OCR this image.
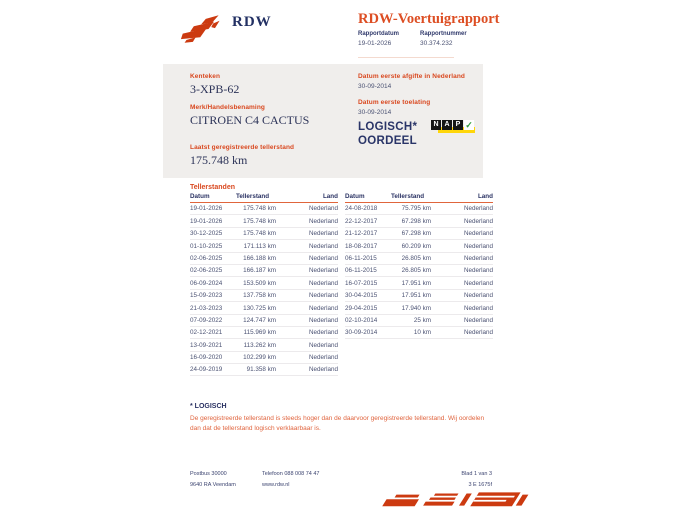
RDW	RDW-Voertuigrapport
Rapportdatum
19-01-2026
Rapportnummer
30.374.232
Kenteken
3-XPB-62
Merk/Handelsbenaming
CITROEN C4 CACTUS
Laatst geregistreerde tellerstand
175.748 km
Datum eerste afgifte in Nederland
30-09-2014
Datum eerste toelating
30-09-2014
LOGISCH*
OORDEEL
N A P ✓
Tellerstanden
Datum	Tellerstand	Land
19-01-2026	175.748 km	Nederland
19-01-2026	175.748 km	Nederland
30-12-2025	175.748 km	Nederland
01-10-2025	171.113 km	Nederland
02-06-2025	166.188 km	Nederland
02-06-2025	166.187 km	Nederland
06-09-2024	153.509 km	Nederland
15-09-2023	137.758 km	Nederland
21-03-2023	130.725 km	Nederland
07-09-2022	124.747 km	Nederland
02-12-2021	115.969 km	Nederland
13-09-2021	113.262 km	Nederland
16-09-2020	102.299 km	Nederland
24-09-2019	91.358 km	Nederland
Datum	Tellerstand	Land
24-08-2018	75.795 km	Nederland
22-12-2017	67.298 km	Nederland
21-12-2017	67.298 km	Nederland
18-08-2017	60.209 km	Nederland
06-11-2015	26.805 km	Nederland
06-11-2015	26.805 km	Nederland
16-07-2015	17.951 km	Nederland
30-04-2015	17.951 km	Nederland
29-04-2015	17.940 km	Nederland
02-10-2014	25 km	Nederland
30-09-2014	10 km	Nederland
* LOGISCH
De geregistreerde tellerstand is steeds hoger dan de daarvoor geregistreerde tellerstand. Wij oordelen dan dat de tellerstand logisch verklaarbaar is.
Postbus 30000
9640 RA Veendam
Telefoon 088 008 74 47
www.rdw.nl
Blad 1 van 3
3 E 1675f
